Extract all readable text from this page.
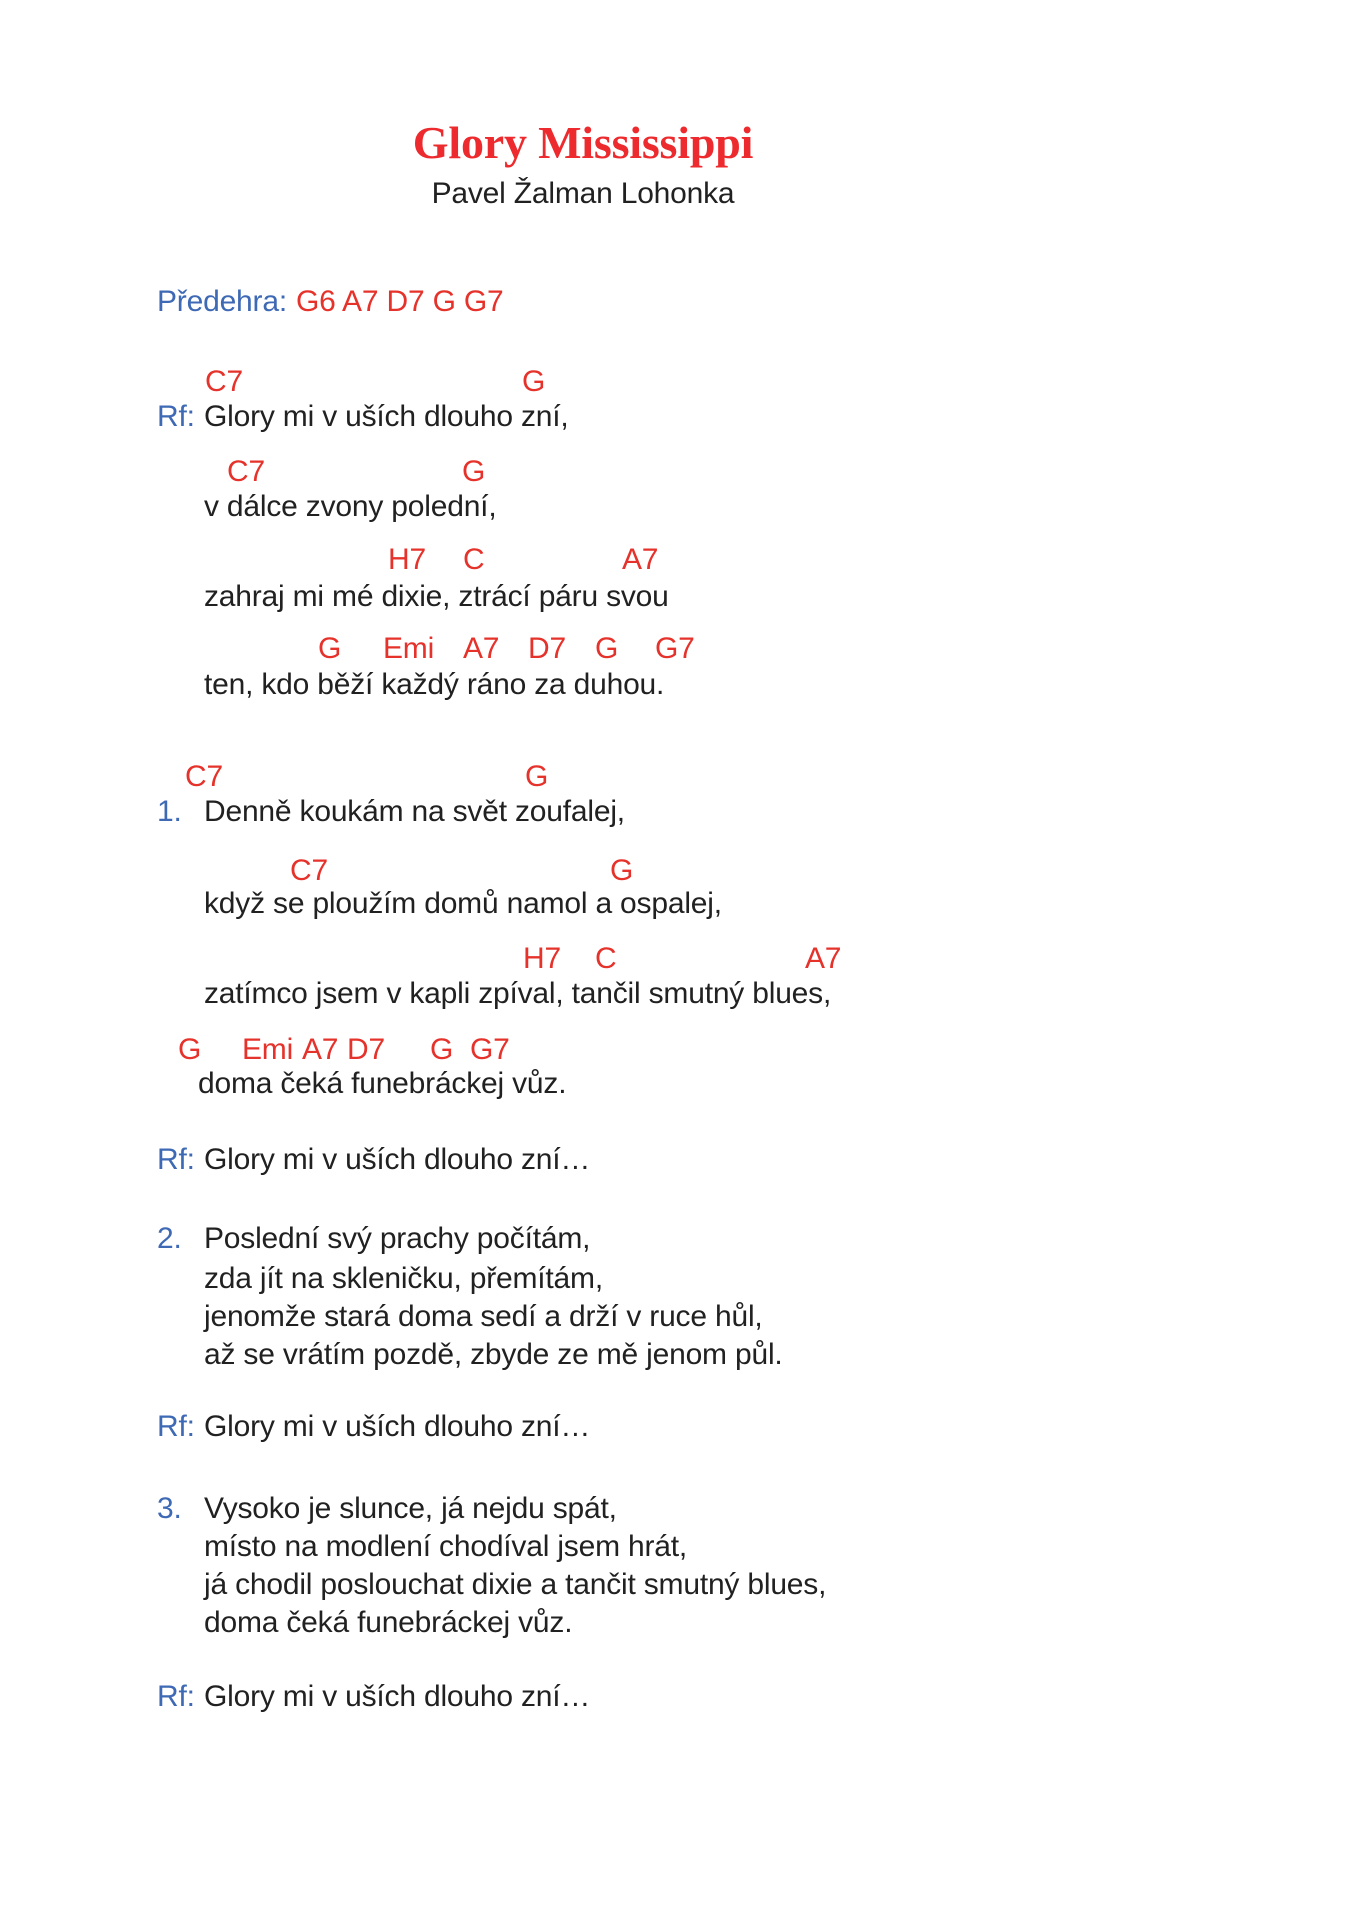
Glory Mississippi
Pavel Žalman Lohonka
Předehra: G6 A7 D7 G G7
C7	G
Rf: Glory mi v uších dlouho zní,
C7	G
v dálce zvony polední,
H7 C	A7
zahraj mi mé dixie, ztrácí páru svou
G Emi A7 D7 G G7
ten, kdo běží každý ráno za duhou.
C7	G
1. Denně koukám na svět zoufalej,
C7	G
když se ploužím domů namol a ospalej,
H7 C	A7
zatímco jsem v kapli zpíval, tančil smutný blues,
G Emi A7 D7 G G7
doma čeká funebráckej vůz.
Rf: Glory mi v uších dlouho zní…
2. Poslední svý prachy počítám,
zda jít na skleničku, přemítám,
jenomže stará doma sedí a drží v ruce hůl,
až se vrátím pozdě, zbyde ze mě jenom půl.
Rf: Glory mi v uších dlouho zní…
3. Vysoko je slunce, já nejdu spát,
místo na modlení chodíval jsem hrát,
já chodil poslouchat dixie a tančit smutný blues,
doma čeká funebráckej vůz.
Rf: Glory mi v uších dlouho zní…
